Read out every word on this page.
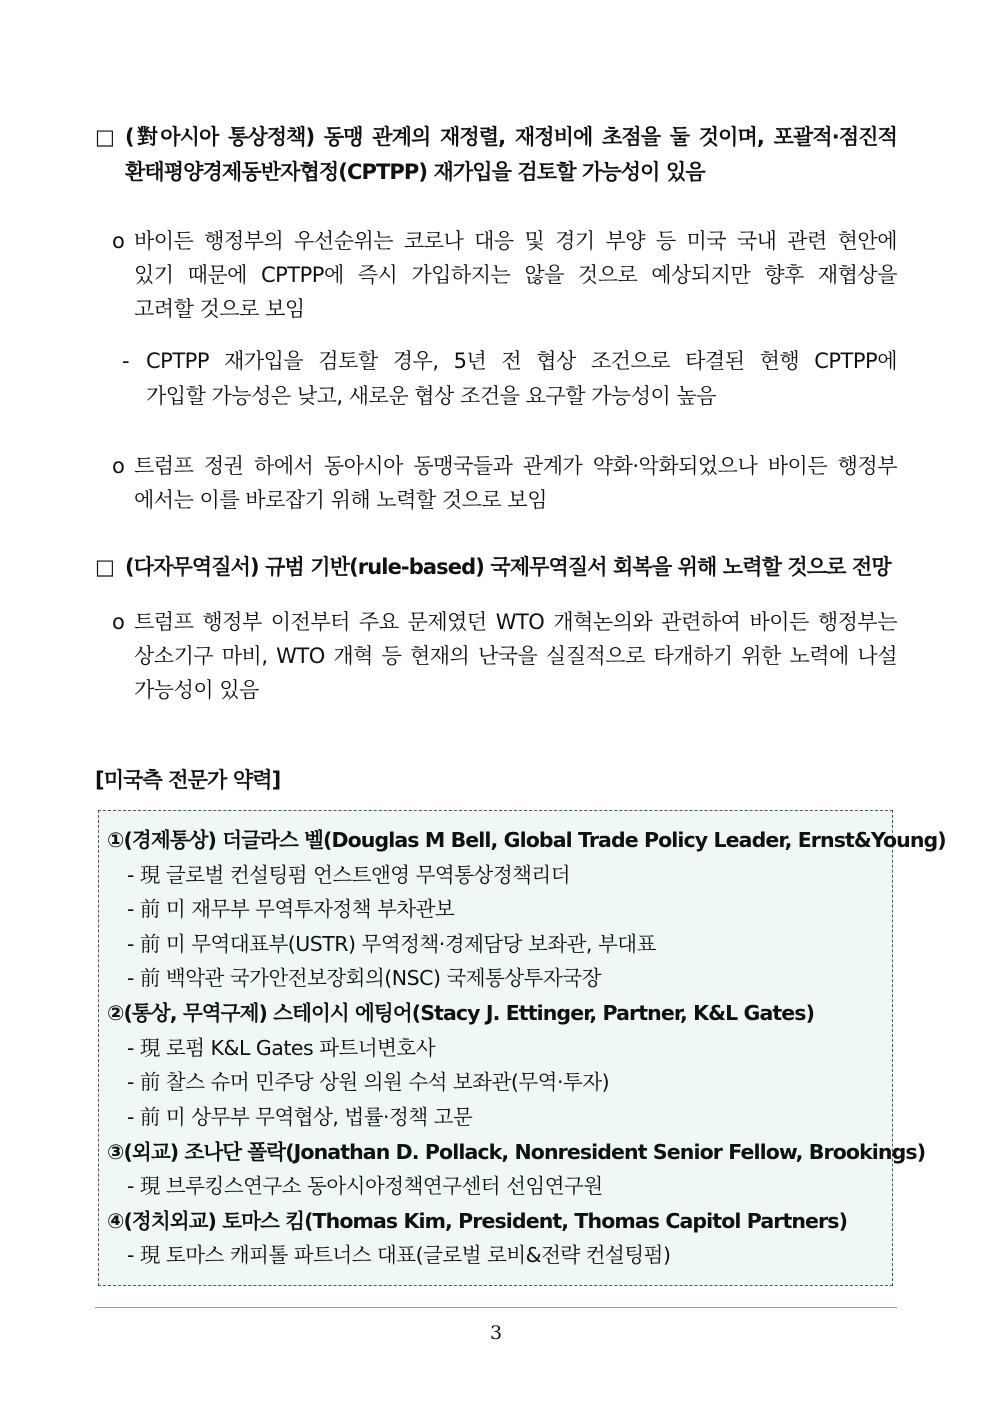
□ (對아시아 통상정책) 동맹 관계의 재정렬, 재정비에 초점을 둘 것이며, 포괄적·점진적
환태평양경제동반자협정(CPTPP) 재가입을 검토할 가능성이 있음
o 바이든 행정부의 우선순위는 코로나 대응 및 경기 부양 등 미국 국내 관련 현안에
있기 때문에 CPTPP에 즉시 가입하지는 않을 것으로 예상되지만 향후 재협상을
고려할 것으로 보임
- CPTPP 재가입을 검토할 경우, 5년 전 협상 조건으로 타결된 현행 CPTPP에
가입할 가능성은 낮고, 새로운 협상 조건을 요구할 가능성이 높음
o 트럼프 정권 하에서 동아시아 동맹국들과 관계가 약화·악화되었으나 바이든 행정부
에서는 이를 바로잡기 위해 노력할 것으로 보임
□ (다자무역질서) 규범 기반(rule-based) 국제무역질서 회복을 위해 노력할 것으로 전망
o 트럼프 행정부 이전부터 주요 문제였던 WTO 개혁논의와 관련하여 바이든 행정부는
상소기구 마비, WTO 개혁 등 현재의 난국을 실질적으로 타개하기 위한 노력에 나설
가능성이 있음
[미국측 전문가 약력]
①(경제통상) 더글라스 벨(Douglas M Bell, Global Trade Policy Leader, Ernst&Young)
- 現 글로벌 컨설팅펌 언스트앤영 무역통상정책리더
- 前 미 재무부 무역투자정책 부차관보
- 前 미 무역대표부(USTR) 무역정책·경제담당 보좌관, 부대표
- 前 백악관 국가안전보장회의(NSC) 국제통상투자국장
②(통상, 무역구제) 스테이시 에팅어(Stacy J. Ettinger, Partner, K&L Gates)
- 現 로펌 K&L Gates 파트너변호사
- 前 찰스 슈머 민주당 상원 의원 수석 보좌관(무역·투자)
- 前 미 상무부 무역협상, 법률·정책 고문
③(외교) 조나단 폴락(Jonathan D. Pollack, Nonresident Senior Fellow, Brookings)
- 現 브루킹스연구소 동아시아정책연구센터 선임연구원
④(정치외교) 토마스 킴(Thomas Kim, President, Thomas Capitol Partners)
- 現 토마스 캐피톨 파트너스 대표(글로벌 로비&전략 컨설팅펌)
3
